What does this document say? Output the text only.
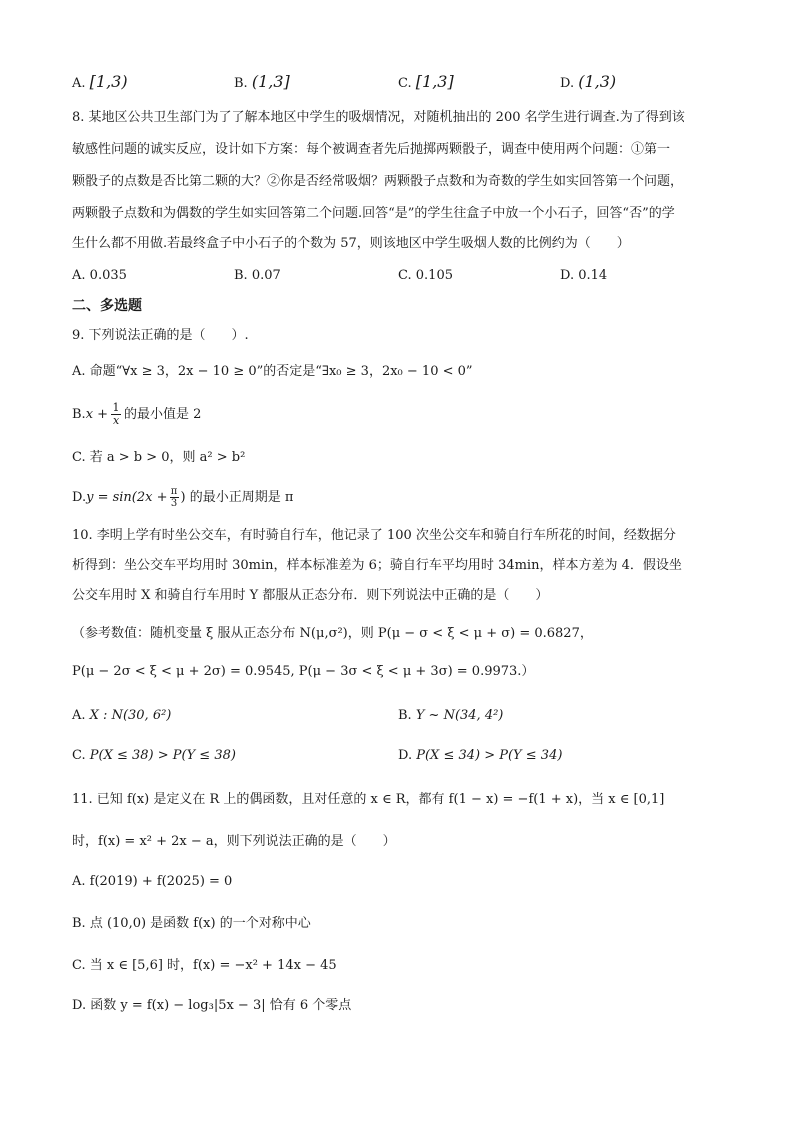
A. [1,3)	B. (1,3]	C. [1,3]	D. (1,3)
8. 某地区公共卫生部门为了了解本地区中学生的吸烟情况，对随机抽出的 200 名学生进行调查.为了得到该
敏感性问题的诚实反应，设计如下方案：每个被调查者先后抛掷两颗骰子，调查中使用两个问题：①第一
颗骰子的点数是否比第二颗的大？②你是否经常吸烟？两颗骰子点数和为奇数的学生如实回答第一个问题，
两颗骰子点数和为偶数的学生如实回答第二个问题.回答“是”的学生往盒子中放一个小石子，回答“否”的学
生什么都不用做.若最终盒子中小石子的个数为 57，则该地区中学生吸烟人数的比例约为（　　）
A. 0.035	B. 0.07	C. 0.105	D. 0.14
二、多选题
9. 下列说法正确的是（　　）.
A. 命题“∀x ≥ 3，2x − 10 ≥ 0”的否定是“∃x₀ ≥ 3，2x₀ − 10 < 0”
B. x + 1
x 的最小值是 2
C. 若 a > b > 0，则 a² > b²
D. y = sin(2x + π
3 ) 的最小正周期是 π
10. 李明上学有时坐公交车，有时骑自行车，他记录了 100 次坐公交车和骑自行车所花的时间，经数据分
析得到：坐公交车平均用时 30min，样本标准差为 6；骑自行车平均用时 34min，样本方差为 4．假设坐
公交车用时 X 和骑自行车用时 Y 都服从正态分布．则下列说法中正确的是（　　）
（参考数值：随机变量 ξ 服从正态分布 N(μ,σ²)，则 P(μ − σ < ξ < μ + σ) = 0.6827，
P(μ − 2σ < ξ < μ + 2σ) = 0.9545, P(μ − 3σ < ξ < μ + 3σ) = 0.9973.）
A. X : N(30, 6²)	B. Y ~ N(34, 4²)
C. P(X ≤ 38) > P(Y ≤ 38)	D. P(X ≤ 34) > P(Y ≤ 34)
11. 已知 f(x) 是定义在 R 上的偶函数，且对任意的 x ∈ R，都有 f(1 − x) = −f(1 + x)，当 x ∈ [0,1]
时，f(x) = x² + 2x − a，则下列说法正确的是（　　）
A. f(2019) + f(2025) = 0
B. 点 (10,0) 是函数 f(x) 的一个对称中心
C. 当 x ∈ [5,6] 时，f(x) = −x² + 14x − 45
D. 函数 y = f(x) − log₃|5x − 3| 恰有 6 个零点
